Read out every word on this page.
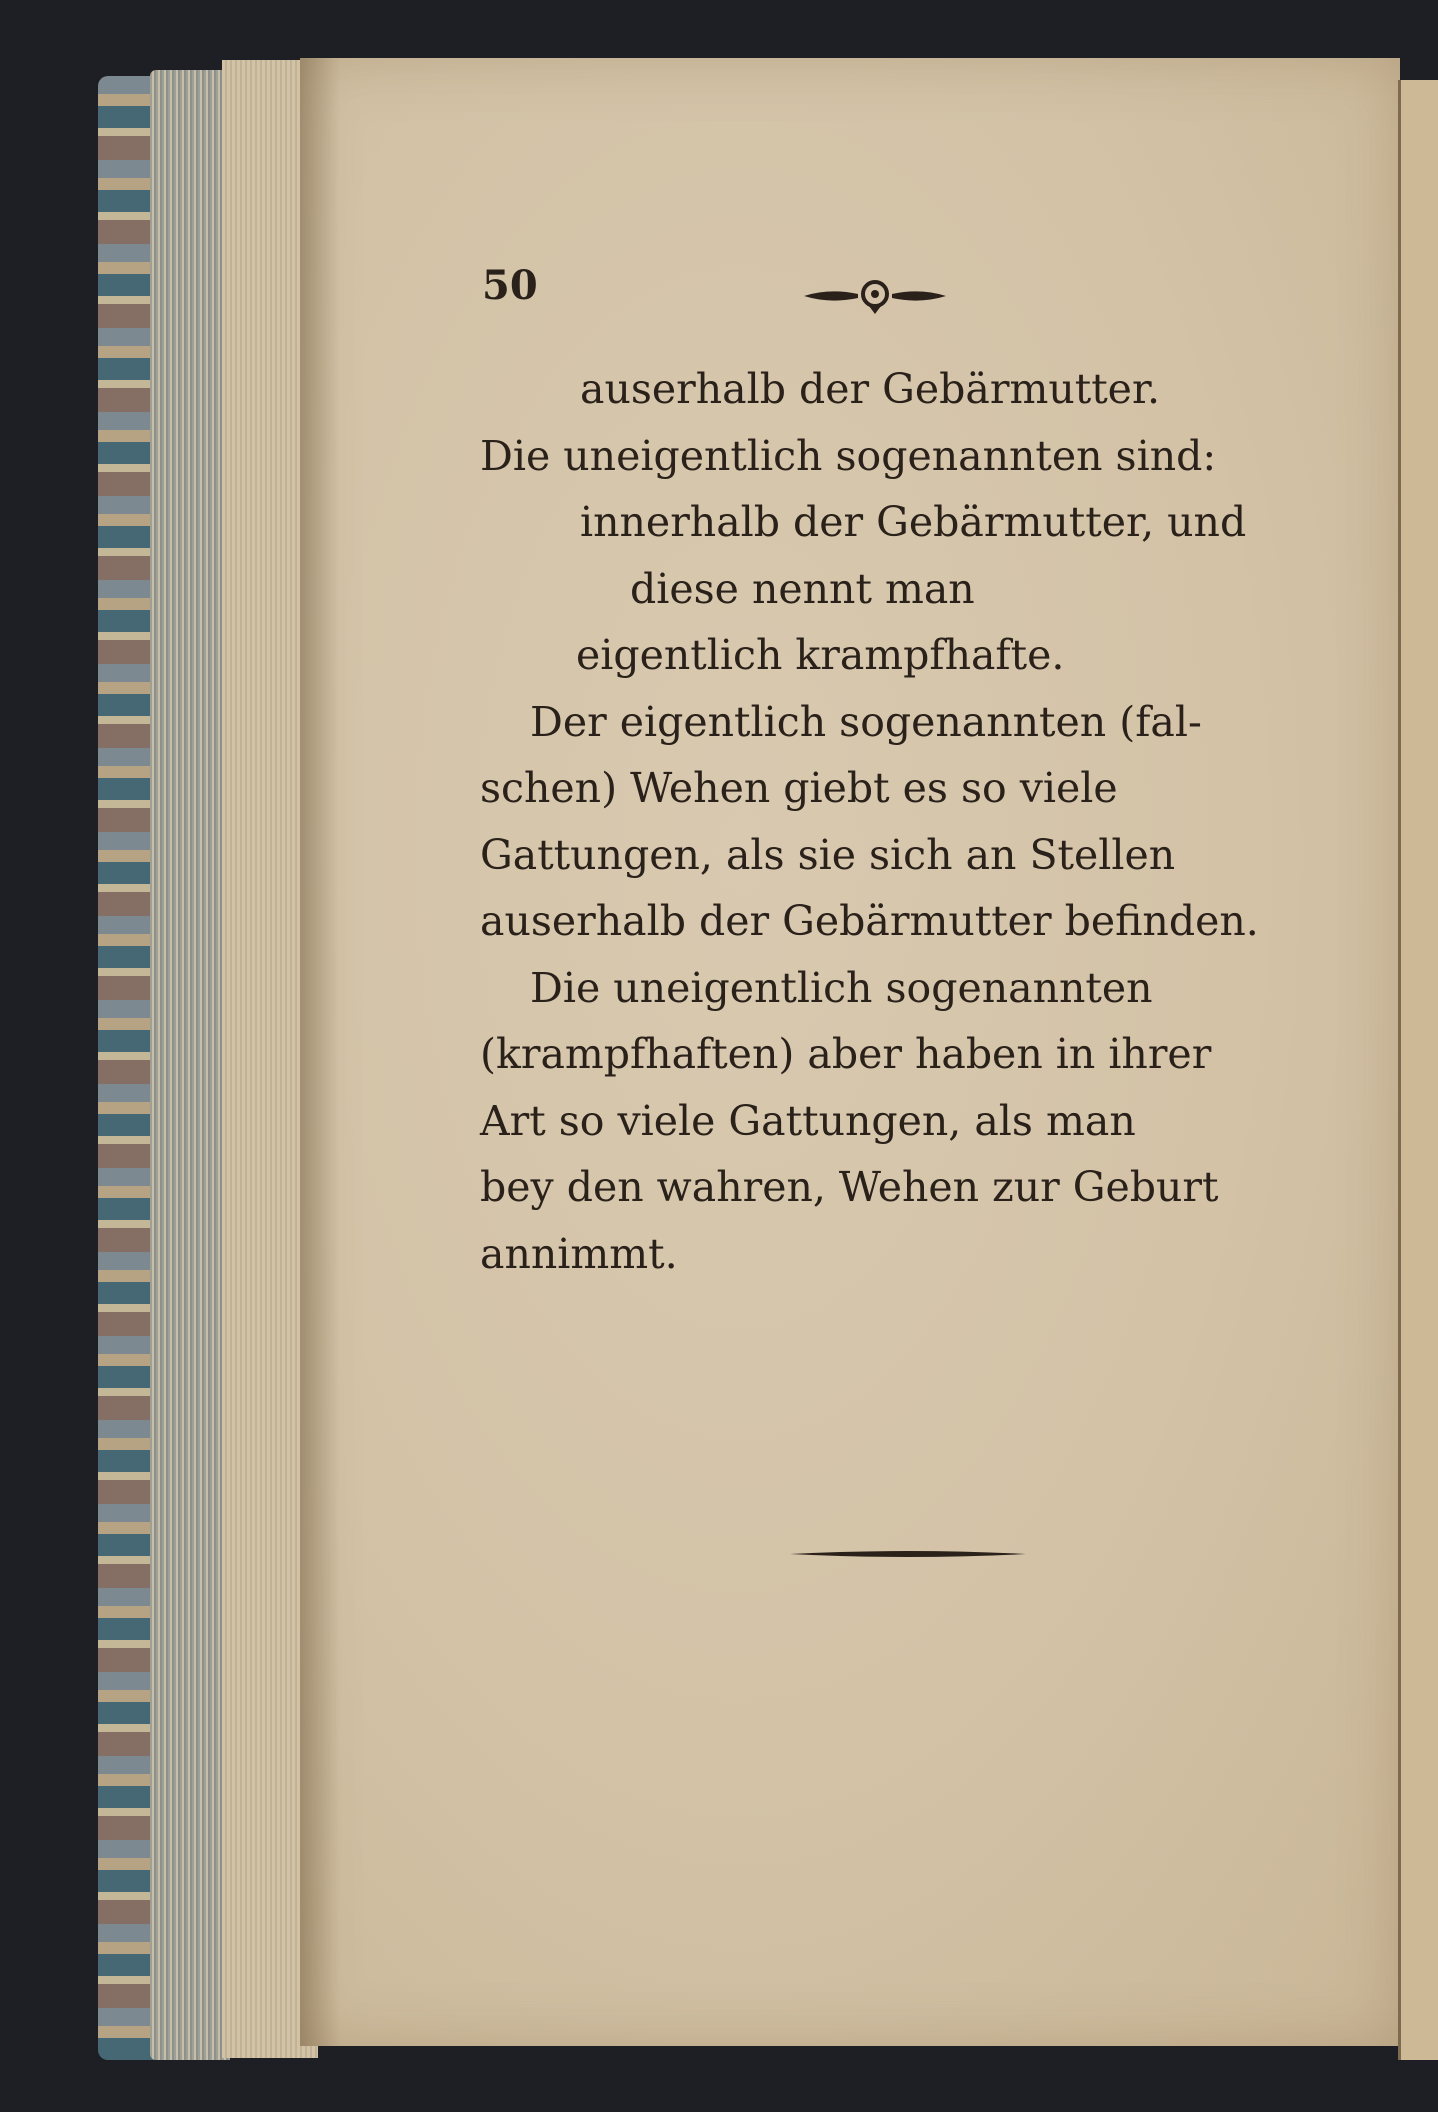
50
auserhalb der Gebärmutter.
Die uneigentlich sogenannten sind:
innerhalb der Gebärmutter, und
diese nennt man
eigentlich krampfhafte.
Der eigentlich sogenannten (fal-
schen) Wehen giebt es so viele
Gattungen, als sie sich an Stellen
auserhalb der Gebärmutter befinden.
Die uneigentlich sogenannten
(krampfhaften) aber haben in ihrer
Art so viele Gattungen, als man
bey den wahren, Wehen zur Geburt
annimmt.
